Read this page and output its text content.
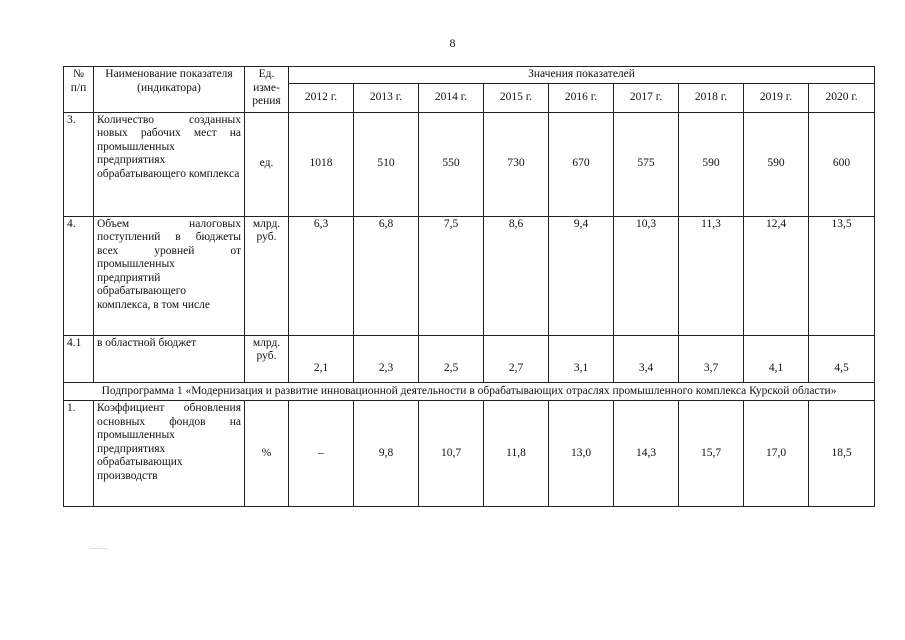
8
№
п/п	Наименование показателя (индикатора)	Ед. изме-рения	Значения показателей								
			2012 г.	2013 г.	2014 г.	2015 г.	2016 г.	2017 г.	2018 г.	2019 г.	2020 г.
3.	Количество созданных новых рабочих мест на промышленных предприятиях обрабатывающего комплекса	ед.	1018	510	550	730	670	575	590	590	600
4.	Объем налоговых поступлений в бюджеты всех уровней от промышленных предприятий обрабатывающего комплекса, в том числе	млрд. руб.	6,3	6,8	7,5	8,6	9,4	10,3	11,3	12,4	13,5
4.1	в областной бюджет	млрд. руб.	2,1	2,3	2,5	2,7	3,1	3,4	3,7	4,1	4,5
Подпрограмма 1 «Модернизация и развитие инновационной деятельности в обрабатывающих отраслях промышленного комплекса Курской области»											
1.	Коэффициент обновления основных фондов на промышленных предприятиях обрабатывающих производств	%	–	9,8	10,7	11,8	13,0	14,3	15,7	17,0	18,5
